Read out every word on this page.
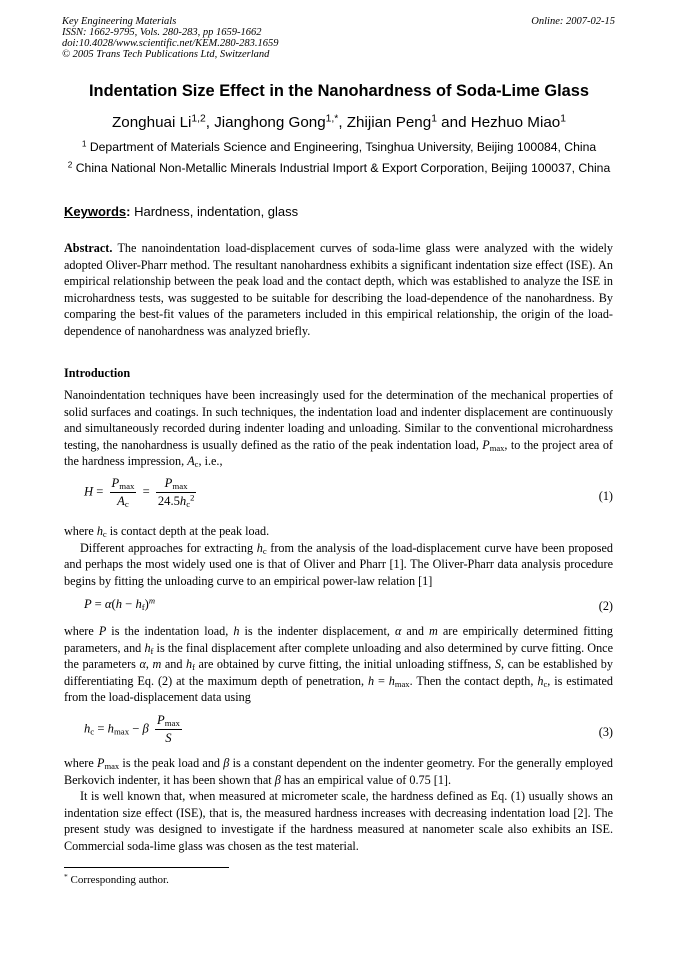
Key Engineering Materials
ISSN: 1662-9795, Vols. 280-283, pp 1659-1662
doi:10.4028/www.scientific.net/KEM.280-283.1659
© 2005 Trans Tech Publications Ltd, Switzerland
Online: 2007-02-15
Indentation Size Effect in the Nanohardness of Soda-Lime Glass
Zonghuai Li$^{1,2}$, Jianghong Gong$^{1,*}$, Zhijian Peng$^1$ and Hezhuo Miao$^1$
$^1$ Department of Materials Science and Engineering, Tsinghua University, Beijing 100084, China
$^2$ China National Non-Metallic Minerals Industrial Import & Export Corporation, Beijing 100037, China
Keywords: Hardness, indentation, glass
Abstract. The nanoindentation load-displacement curves of soda-lime glass were analyzed with the widely adopted Oliver-Pharr method. The resultant nanohardness exhibits a significant indentation size effect (ISE). An empirical relationship between the peak load and the contact depth, which was established to analyze the ISE in microhardness tests, was suggested to be suitable for describing the load-dependence of the nanohardness. By comparing the best-fit values of the parameters included in this empirical relationship, the origin of the load-dependence of nanohardness was analyzed briefly.
Introduction
Nanoindentation techniques have been increasingly used for the determination of the mechanical properties of solid surfaces and coatings. In such techniques, the indentation load and indenter displacement are continuously and simultaneously recorded during indenter loading and unloading. Similar to the conventional microhardness testing, the nanohardness is usually defined as the ratio of the peak indentation load, $P_{max}$, to the project area of the hardness impression, $A_c$, i.e.,
$H = \frac{P_{max}}{A_c} = \frac{P_{max}}{24.5h_c^2}$	(1)
where $h_c$ is contact depth at the peak load.
Different approaches for extracting $h_c$ from the analysis of the load-displacement curve have been proposed and perhaps the most widely used one is that of Oliver and Pharr [1]. The Oliver-Pharr data analysis procedure begins by fitting the unloading curve to an empirical power-law relation [1]
$P = \alpha(h - h_f)^m$	(2)
where P is the indentation load, h is the indenter displacement, α and m are empirically determined fitting parameters, and $h_f$ is the final displacement after complete unloading and also determined by curve fitting. Once the parameters α, m and $h_f$ are obtained by curve fitting, the initial unloading stiffness, S, can be established by differentiating Eq. (2) at the maximum depth of penetration, $h = h_{max}$. Then the contact depth, $h_c$, is estimated from the load-displacement data using
$h_c = h_{max} - \beta \frac{P_{max}}{S}$	(3)
where $P_{max}$ is the peak load and β is a constant dependent on the indenter geometry. For the generally employed Berkovich indenter, it has been shown that β has an empirical value of 0.75 [1].
It is well known that, when measured at micrometer scale, the hardness defined as Eq. (1) usually shows an indentation size effect (ISE), that is, the measured hardness increases with decreasing indentation load [2]. The present study was designed to investigate if the hardness measured at nanometer scale also exhibits an ISE. Commercial soda-lime glass was chosen as the test material.
* Corresponding author.
